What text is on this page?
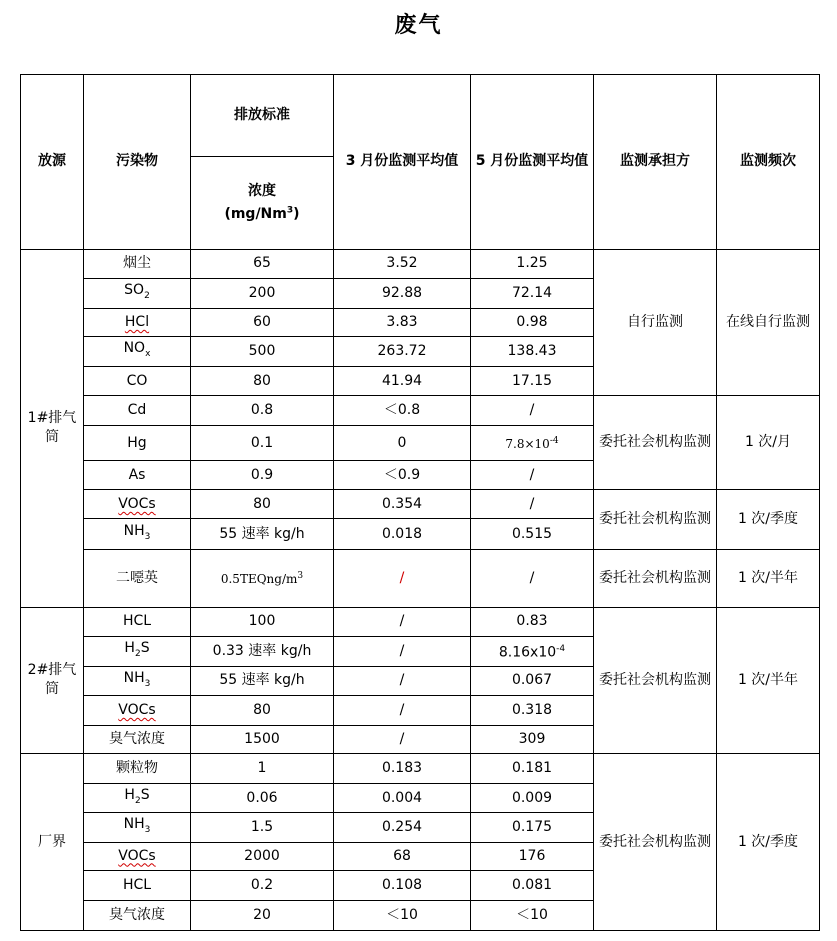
废气
放源	污染物	排放标准	3 月份监测平均值	5 月份监测平均值	监测承担方	监测频次
		浓度
(mg/Nm$^3$)				
1#排气筒	烟尘	65	3.52	1.25	自行监测	在线自行监测
	$SO_2$	200	92.88	72.14		
	HCl	60	3.83	0.98		
	$NO_x$	500	263.72	138.43		
	CO	80	41.94	17.15		
	Cd	0.8	＜0.8	/	委托社会机构监测	1 次/月
	Hg	0.1	0	$7.8\times 10^{-4}$
	As	0.9	＜0.9	/		
	VOCs	80	0.354	/	委托社会机构监测	1 次/季度
	$NH_3$	55 速率 kg/h	0.018	0.515		
	二噁英	$0.5TEQng/m^3$	/	/	委托社会机构监测	1 次/半年
2#排气筒	HCL	100	/	0.83	委托社会机构监测	1 次/半年
	$H_2S$	0.33 速率 kg/h	/	$8.16x10^{-4}$
	$NH_3$	55 速率 kg/h	/	0.067		
	VOCs	80	/	0.318		
	臭气浓度	1500	/	309		
厂界	颗粒物	1	0.183	0.181	委托社会机构监测	1 次/季度
	$H_2S$	0.06	0.004	0.009		
	$NH_3$	1.5	0.254	0.175		
	VOCs	2000	68	176		
	HCL	0.2	0.108	0.081		
	臭气浓度	20	＜10	＜10		
